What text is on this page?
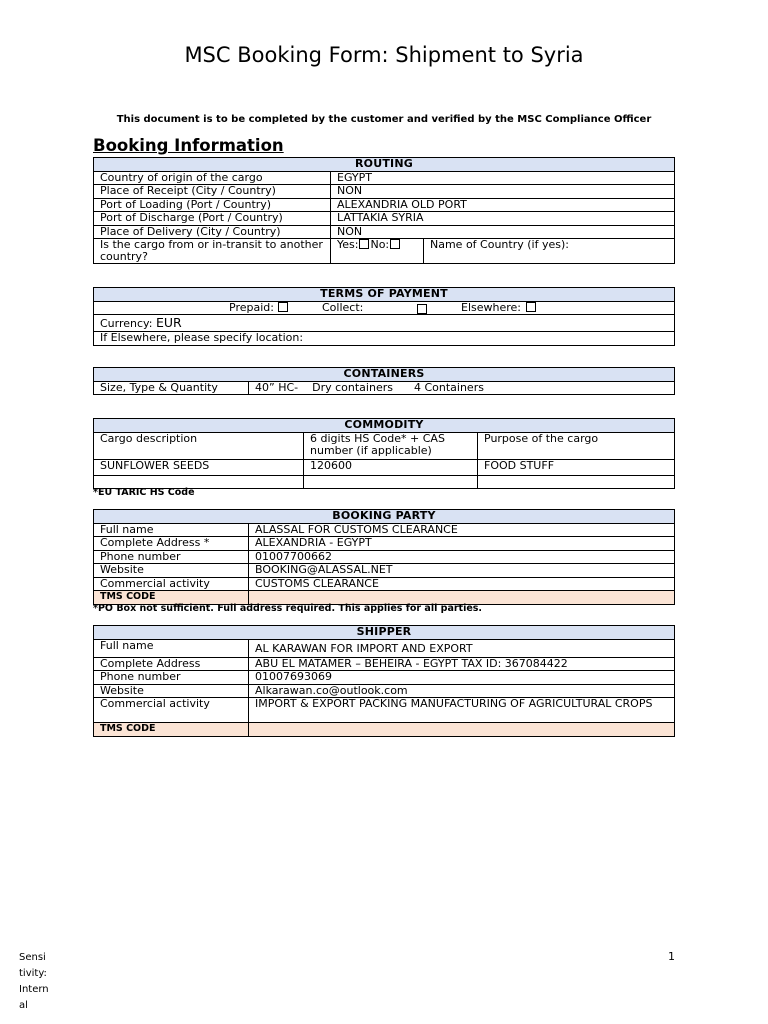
MSC Booking Form: Shipment to Syria
This document is to be completed by the customer and verified by the MSC Compliance Officer
Booking Information
ROUTING		
Country of origin of the cargo	EGYPT	
Place of Receipt (City / Country)	NON	
Port of Loading (Port / Country)	ALEXANDRIA OLD PORT	
Port of Discharge (Port / Country)	LATTAKIA SYRIA	
Place of Delivery (City / Country)	NON	
Is the cargo from or in-transit to another country?	Yes: No:	Name of Country (if yes):
TERMS OF PAYMENT

Prepaid:	Collect:	Elsewhere:

Currency: EUR
If Elsewhere, please specify location:
CONTAINERS
Size, Type & Quantity	40” HC- Dry containers 4 Containers
COMMODITY		
Cargo description	6 digits HS Code* + CAS number (if applicable)	Purpose of the cargo
SUNFLOWER SEEDS	120600	FOOD STUFF

*EU TARIC HS Code
BOOKING PARTY	
Full name	ALASSAL FOR CUSTOMS CLEARANCE
Complete Address *	ALEXANDRIA - EGYPT
Phone number	01007700662
Website	BOOKING@ALASSAL.NET
Commercial activity	CUSTOMS CLEARANCE
TMS CODE	
*PO Box not sufficient. Full address required. This applies for all parties.
SHIPPER	
Full name	AL KARAWAN FOR IMPORT AND EXPORT
Complete Address	ABU EL MATAMER – BEHEIRA - EGYPT TAX ID: 367084422
Phone number	01007693069
Website	Alkarawan.co@outlook.com
Commercial activity	IMPORT & EXPORT PACKING MANUFACTURING OF AGRICULTURAL CROPS
TMS CODE	
Sensitivity: Internal
1
